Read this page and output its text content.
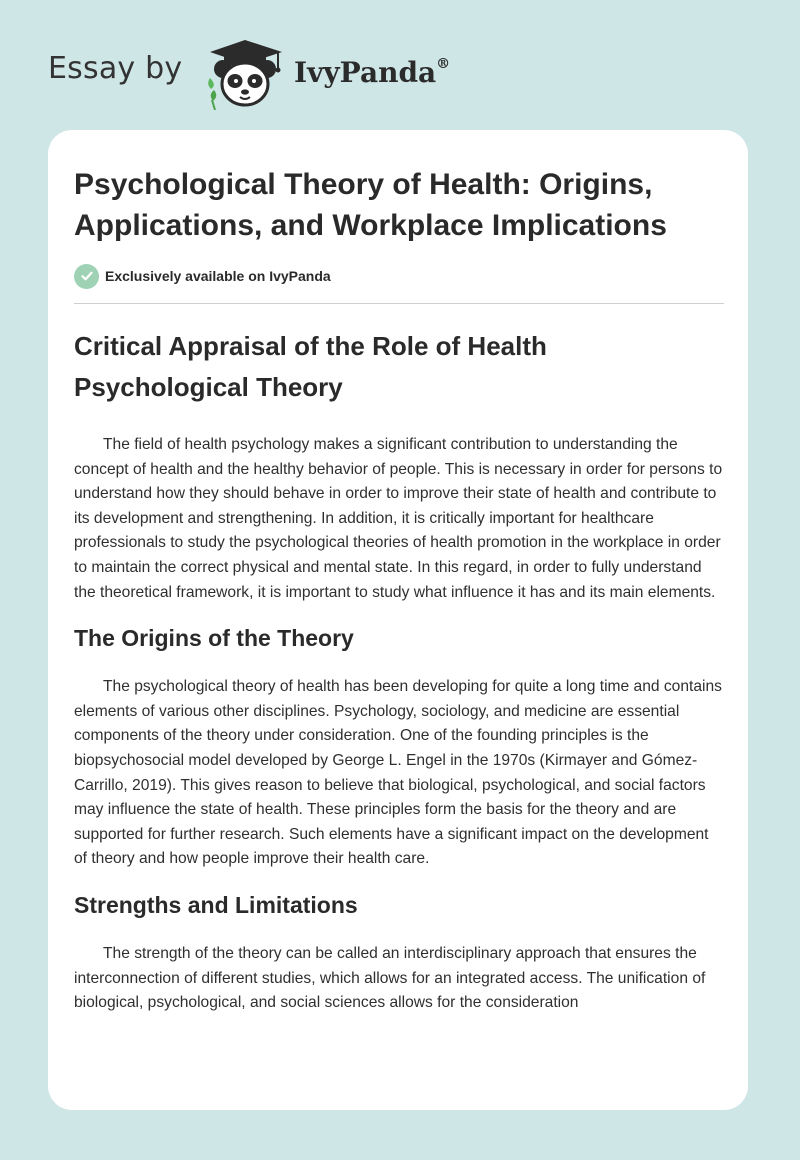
Essay by	IvyPanda®
Psychological Theory of Health: Origins, Applications, and Workplace Implications
Exclusively available on IvyPanda
Critical Appraisal of the Role of Health Psychological Theory

The field of health psychology makes a significant contribution to understanding the concept of health and the healthy behavior of people. This is necessary in order for persons to understand how they should behave in order to improve their state of health and contribute to its development and strengthening. In addition, it is critically important for healthcare professionals to study the psychological theories of health promotion in the workplace in order to maintain the correct physical and mental state. In this regard, in order to fully understand the theoretical framework, it is important to study what influence it has and its main elements.

The Origins of the Theory

The psychological theory of health has been developing for quite a long time and contains elements of various other disciplines. Psychology, sociology, and medicine are essential components of the theory under consideration. One of the founding principles is the biopsychosocial model developed by George L. Engel in the 1970s (Kirmayer and Gómez-Carrillo, 2019). This gives reason to believe that biological, psychological, and social factors may influence the state of health. These principles form the basis for the theory and are supported for further research. Such elements have a significant impact on the development of theory and how people improve their health care.

Strengths and Limitations

The strength of the theory can be called an interdisciplinary approach that ensures the interconnection of different studies, which allows for an integrated access. The unification of biological, psychological, and social sciences allows for the consideration
